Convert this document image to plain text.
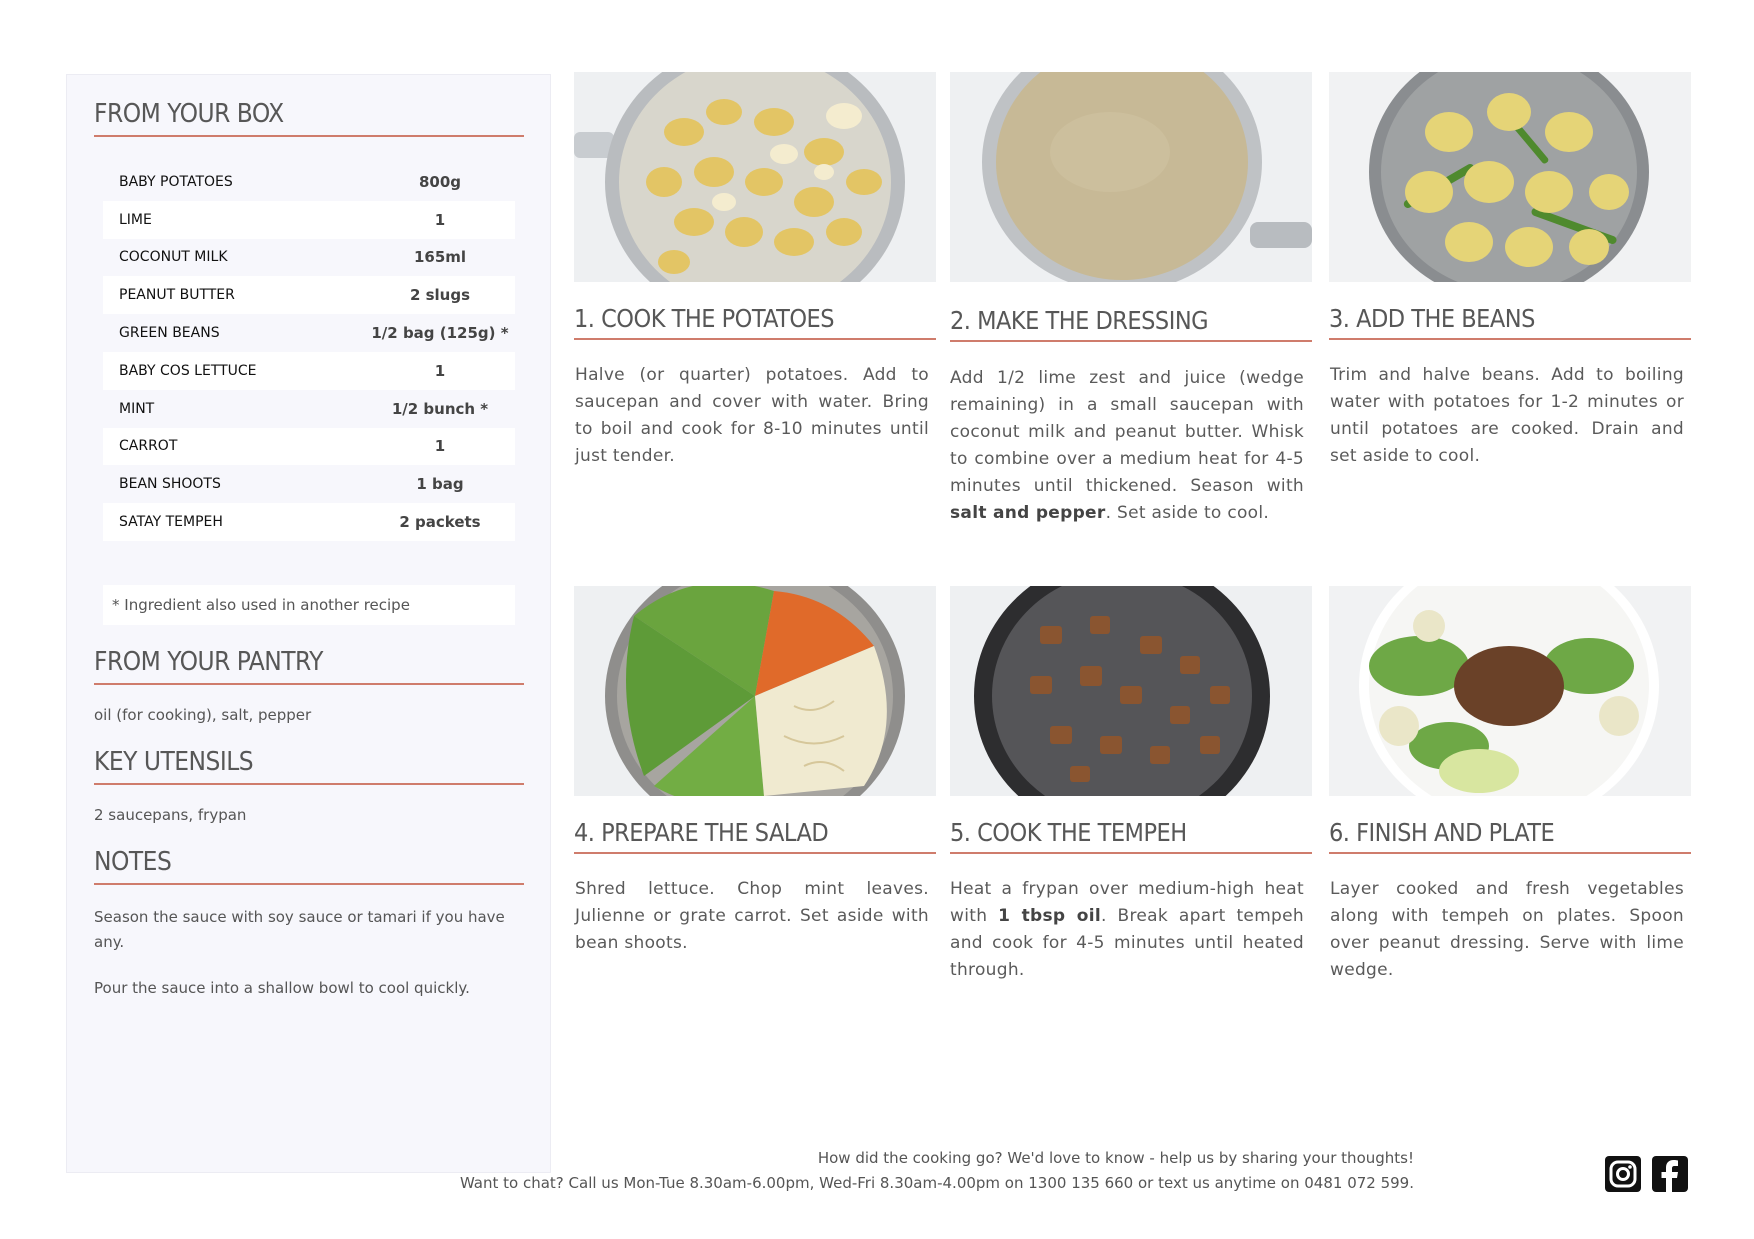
FROM YOUR BOX
BABY POTATOES	800g
LIME	1
COCONUT MILK	165ml
PEANUT BUTTER	2 slugs
GREEN BEANS	1/2 bag (125g) *
BABY COS LETTUCE	1
MINT	1/2 bunch *
CARROT	1
BEAN SHOOTS	1 bag
SATAY TEMPEH	2 packets
* Ingredient also used in another recipe
FROM YOUR PANTRY
oil (for cooking), salt, pepper
KEY UTENSILS
2 saucepans, frypan
NOTES
Season the sauce with soy sauce or tamari if you have any.
Pour the sauce into a shallow bowl to cool quickly.
1. COOK THE POTATOES
Halve (or quarter) potatoes. Add to saucepan and cover with water. Bring to boil and cook for 8-10 minutes until just tender.
2. MAKE THE DRESSING
Add 1/2 lime zest and juice (wedge remaining) in a small saucepan with coconut milk and peanut butter. Whisk to combine over a medium heat for 4-5 minutes until thickened. Season with salt and pepper. Set aside to cool.
3. ADD THE BEANS
Trim and halve beans. Add to boiling water with potatoes for 1-2 minutes or until potatoes are cooked. Drain and set aside to cool.
4. PREPARE THE SALAD
Shred lettuce. Chop mint leaves. Julienne or grate carrot. Set aside with bean shoots.
5. COOK THE TEMPEH
Heat a frypan over medium-high heat with 1 tbsp oil. Break apart tempeh and cook for 4-5 minutes until heated through.
6. FINISH AND PLATE
Layer cooked and fresh vegetables along with tempeh on plates. Spoon over peanut dressing. Serve with lime wedge.
How did the cooking go? We'd love to know - help us by sharing your thoughts!
Want to chat? Call us Mon-Tue 8.30am-6.00pm, Wed-Fri 8.30am-4.00pm on 1300 135 660 or text us anytime on 0481 072 599.
